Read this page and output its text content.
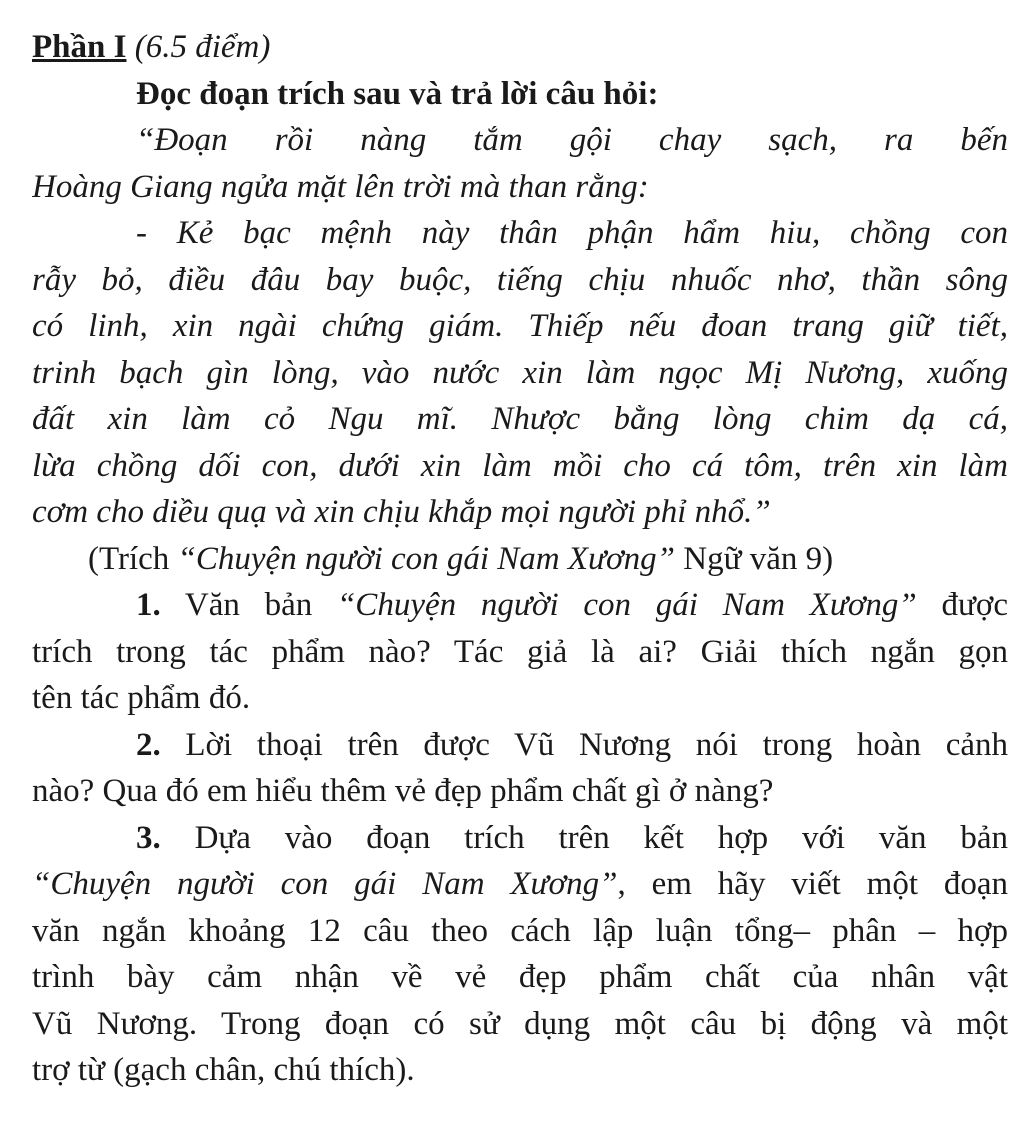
Phần I (6.5 điểm)
Đọc đoạn trích sau và trả lời câu hỏi:
“Đoạn rồi nàng tắm gội chay sạch, ra bến
Hoàng Giang ngửa mặt lên trời mà than rằng:
- Kẻ bạc mệnh này thân phận hẩm hiu, chồng con
rẫy bỏ, điều đâu bay buộc, tiếng chịu nhuốc nhơ, thần sông
có linh, xin ngài chứng giám. Thiếp nếu đoan trang giữ tiết,
trinh bạch gìn lòng, vào nước xin làm ngọc Mị Nương, xuống
đất xin làm cỏ Ngu mĩ. Nhược bằng lòng chim dạ cá,
lừa chồng dối con, dưới xin làm mồi cho cá tôm, trên xin làm
cơm cho diều quạ và xin chịu khắp mọi người phỉ nhổ.”
(Trích “Chuyện người con gái Nam Xương” Ngữ văn 9)
1. Văn bản “Chuyện người con gái Nam Xương” được
trích trong tác phẩm nào? Tác giả là ai? Giải thích ngắn gọn
tên tác phẩm đó.
2. Lời thoại trên được Vũ Nương nói trong hoàn cảnh
nào? Qua đó em hiểu thêm vẻ đẹp phẩm chất gì ở nàng?
3. Dựa vào đoạn trích trên kết hợp với văn bản
“Chuyện người con gái Nam Xương”, em hãy viết một đoạn
văn ngắn khoảng 12 câu theo cách lập luận tổng– phân – hợp
trình bày cảm nhận về vẻ đẹp phẩm chất của nhân vật
Vũ Nương. Trong đoạn có sử dụng một câu bị động và một
trợ từ (gạch chân, chú thích).
